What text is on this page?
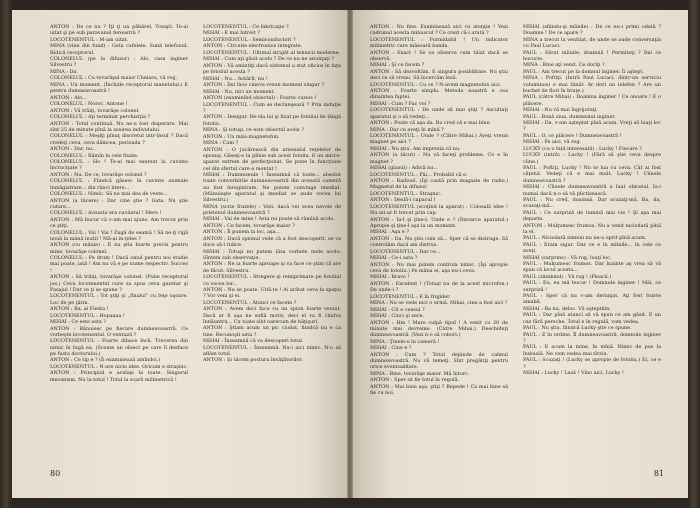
ANTON : De ce nu ? Îţi ţi un păhărel, Tonişti. Te-ai uitat şi pe sub paravanul fereastră ?

LOCOTENENTUL : M-am uitat.

MINA (vine din fund) : Gata cafelele. Sună telefonul. Ridică receptorul.

COLONELUL (pe la difuzor) : Alo, casa inginer Silvestru ?

MINA : Da.

COLONELUL : Cu tovarăşul maior Chelaru, vă rog.

MINA : Un moment. (Închide receptorul manetului.) E pentru dumneavoastră !

ANTON : Alo...

COLONELUL : Noroc, Antone !

ANTON : Vă trăiţi, tovarăşe colonel.

COLONELUL : Aţi terminat perchiziţia ?

ANTON : Totul continuă. Nu ne-a fost disperare. Mai sînt 25 de minute pînă la sosirea individului.

COLONELUL : Meşiţi pînuţ discretul intr-însul ? Dacă credeţi ceva, ceva dămcea, perioada ?

ANTON : Dar, nu...

COLONELUL : Rămîn la cele fixate.

COLONELUL : Ho ! Te-ai mai exersat la cuvinte încrucişate ?

ANTON : Nu. De ce, tovarăşe colonel ?

COLONELUL : Fiindcă găsesc în cuvinte animale înmăgistrate... din rânci litere...

COLONELUL : Nimic. Să ne mai dea de veste...

ANTON (a tăcere) : Dar cine ştie ? Gata. Nu ştie cutare...

COLONELUL : Aceasta era cuvântul ! Mers !

ANTON : Mă bucur că v-am mai ajuns. Am trecut prin ce ştiţi.

COLONELUL : Vai ! Vai ! Zugă de seamă ! Să ne-ţi rigă nouă la mână inutil ! Mă-ai in-ţeles ?

ANTON (cu mânie) : E nu ştiu foarte precis pentru mine, tovarăşe colonel.

COLONELUL : Pe drum ! Dacă omul pentru noi studio mai poate, iată ! Am nu vă e pe nume respectiv. Succes !

ANTON : Să trăiţi, tovarăşe colonel. (Pune receptorul jos.) Ceva locotenentul cure sa spus ceva gazetar şi Pasajul ! Dar ce ţi se spune ?

LOCOTENENTUL : Tot ştiţi şi „finalul” cu feţe uşoare. Loc de pe ţărm.

ANTON : Ba, ai Fiesta !

LOCOTENENTUL : Hopaaaa !

MIHAI : Ce este asta ?

ANTON : Bănuiesc pe fiecare dumneavoastră. Ce vorbeşte locotenentul. O ventuză ?

LOCOTENENTUL : Foarte dibace încă. Trecerea din nimic în fugă ea. (Scoate un obiect pe care îl desface pe fusta doctorului.)

ANTON : Ce tip e ? (Îi examinează amîndoi.)

LOCOTENENTUL : N-are nicio idee. Oricum e straşnic.

ANTON : Principiul e acelaşi la toate. Singurul mecanism. Nu la totul ! Totul la scară milimetrică !

LOCOTENENTUL : Ce fabricaţie ?

MIHAI : E mai întreit ?

LOCOTENENTUL : Semiconductori ?

ANTON : Circuite electronice integrate.

LOCOTENENTUL : Ultimul strigăt al tehnicii moderne.

MIHAI : Cum aţi găsit acolo ? De ce nu ne anunţaţi ?

ANTON : Vă amintiţi dacă sistemul a stat oficios în faţa pe fotoliul acesta ?

MIHAI : Nu... hotărît, nu !

ANTON : Îmi face cineva vreun moment singur ?

MIHAI : Nu, nici un moment.

ANTON (examinînd obiectul) : Foarte curios !

LOCOTENENTUL : Cum se declanşează ? Prin induţie ?

ANTON : Desigur. De-ola lui şi fixat pe fotoliul de lângă fotoliu.

MINA : Şi totuşi, ce este obiectul acela ?

ANTON : Un mini-magnetofon.

MINA : Cum ?

ANTON : O jucărească din arsenalul reţelelor de spionaj. Găseţi-o la pîlnie sub acest fotoliu. E un micro-aparat extrem de perfecţionat. Se pune în funcţiune cel din sfertul care e montat !

MIHAI : Dumnezeule ! Înseamnă că toate... absolut toate convorbirile dumneavoastră din această cameră au fost înregistrate. Ne putem convinge imediat. (Mânuieşte aparatul şi imediat se aude vocea lui Silvestru.)

MINA (scrie frazele) : Vezi, dacă vei avea nevoie de prietenul dumneavoastră ?

MIHAI : Vai de mine ! Asta nu poate să rămînă acolo.

ANTON : Ce facem, tovarăşe maior ?

ANTON : Îl punem la loc, aşa...

ANTON : Dacă spionul vede că a fost descoperit, se va duce să-l ridice.

MIHAI : Totuşi nu putem lăsa vorbele mele acolo. Sîntem sub observaţie.

ANTON : Ne ia foarte aproape şi va face ce ştim că are de făcut. Silvestru.

LOCOTENENTUL : Stregere şi reimprimare pe fotoliul cu vocea lor...

ANTON : Nu se poate. Uită-te ! Ai arătat ceva la spaţiu ? Vor veni şi ei.

LOCOTENENTUL : Atunci ce facem ?

ANTON : Avem deci face cu un spion foarte versat. Dacă ar fi aşa ne suflă motiv, deci el va fi cîndva înnăuntru... Cu toate sînt oarecum de hăţişuri.

ANTON : Ştiam acum un pic ciudat, fiindcă nu e ca tine. Recunoşti asta ?

MIHAI : Înseamnă că va descoperi totul.

LOCOTENENTUL : Înseamnă. Nu-i aici nimic. N-o să aflăm totul.

ANTON : Şi tăcem postura învăţătorilor.

80

ANTON : Nu fine. Examinează aici cu atenţie ! Vezi cadranul acesta minuscul ? Ce crezi că-i arată ?

LOCOTENENTUL : Formidabil ! Un indicator milimetric care măsoară banda.

ANTON : Exact ! Se va observa cum tăiat dacă se observă.

MIHAI : Şi ce facem ?

ANTON : Să dezvoltăm. E singura posibilitate. Nu ştiu deci ce să vreau. Să încercăm însă.

LOCOTENENTUL : Cu ce ? N-avem magnetofon aici.

ANTON : Foarte simplu. Metoda noastră e cea dinaintea faptei.

MIHAI : Cum ? Fac voi ?

LOCOTENENTUL : De unde să mai ştiţi ? Ascultaţi aparatul şi o să vedeţi...

ANTON : Poate că aşa da. Ba cred că e mai bine.

MINA : Dar ce aveţi în mînă ?

LOCOTENENTUL : Unde ? (Către Mihai.) Aveţi vreun magnet pe aici ?

MIHAI : Nu ştiu. Am impresia că nu.

ANTON (a tăcut) : Nu vă faceţi probleme. Ce e în magnet ?

MIHAI (glasul) : Adică nu...

LOCOTENENTUL : Păi... Probabil că e.

ANTON : Radioul. (Îşi caută prin magazie de radio.) Magnetul de la difuzor.

LOCOTENENTUL : Straşnic.

ANTON : Desfă-i capacul !

LOCOTENENTUL (scoţînd la aparat) : Colosală idee ! Nu mi-ar fi trecut prin cap.

ANTON : Ia-l şi ţine-l. Unde e ? (Întoarce aparatul.) Apropie şi ţine-l aşa la un moment.

MIHAI : Aşa e ?

ANTON : Da. Nu ştiu cum să... Sper că se distruge. Să controlăm dacă am distrus.

LOCOTENENTUL : Dar ce...

MIHAI : Ce-i asta ?

ANTON : Nu mai putem controla nimic. (Îşi apropie ceva de fotoliu.) Pe mâna ei, aşa nu-i ceva.

MIHAI : Bravo !

ANTON : Excelent ! (Totuşi nu de la acest microfon.) De unde-i ?

LOCOTENENTUL : E în frigider.

MINA : Nu se vede nici o urmă. Mihai, cine a fost aici ?

MIHAI : Cît e ceasul ?

MIHAI : Cinci şi zece.

ANTON : Hm ! Mare culpă tipul ! A venit cu 20 de minute mai devreme. (Către Mihai.) Deschideţi dumneavoastră. (Vezi n-o să cobori.)

MINA : Ţinem-o în cameră !

MIHAI : Cine e ?

ANTON : Cum ? Totul depinde de calmul dumneavoastră. Nu vă temeţi. Sînt pregătiţi pentru orice eventualitate.

MINA : Bine, tovarăşe maior. Mă întorc.

ANTON : Sper să fie totul în regulă.

ANTON : Mai bine aşa, ştiţi ? Repede ! Ca mai bine să fie cu noi.

MIHAI (sfiindu-şi mîinile) : De ce nu-i primi odată ? Doamne ! De ce apare ?

MINA a trecut la ventilat, de unde se aude conversaţia cu Paul Lucaci.

PAUL : Sărut mîinile, doamnă ! Permiteţi ? Îmi ce bucurie.

MINA : Bine aţi venit. Ce doriţi ?

PAUL : Am trecut pe la domnul inginer. Îi aştept.

MINA : Poftiţi. (Intră Paul Lucaci, dintr-un serviciu voluminos) e mai tânăr. Ar dori un telefon ? Are un buchet de flori în braţe.)

PAUL (către Mihai) : Doamna inginer ! Ce onoare ! E o plăcere.

MIHAI : Nu vă mai îngrijoraţi.

PAUL : Bună ziua, dumnealui inginer.

MIHAI : Da, v-am aşteptat pînă acum. Vreţi să luaţi loc ?

PAUL : O, ce plăcere ! Dumneavoastră !

MIHAI : Pe aici, vă rog.

LUCKY (cu o față interesată) : Lucky ! Fiecare ?

LUCKY (intră) : Lucky ! (Fără să ştie ceva despre cîine.)

PAUL : Poftiţi, Lucky ! Nu te lua cu ceva. Cât ai fost căţelul. Vedeţi că e mai mult. Lucky ! Cîinele dumneavoastră ?

MIHAI : Cîinele dumneavoastră a luat obiceiul. Ia-i numai dacă n-o să vă plictisească.

PAUL : Nu cred, doamnă. Dar scuzaţi-mă. Ba, da, scuzaţi-mă...

PAUL : Ce surpriză de lumină mai vie ! Şi aşa mai departe.

ANTON : Mulţumesc frumos. Nu a venit niciodată pînă la el.

PAUL : Niciodată nimeni nu ne-a oprit pînă acum.

PAUL : Eram sigur. Dar ce e în mîinile... în cele ce aveţi.

MIHAI (surprins) : Vă rog, luaţi loc.

PAUL : Mulţumesc frumos. Dar înainte aş vrea să vă spun că locul acesta...

PAUL (zâmbind) : Vă rog ! (Pleacă.)

PAUL : Eu, eu mă bucur ! Domnule inginer ! Măi, ce surpriză !

PAUL : Sper că nu v-am deranjat. Aţi fost foarte amabil.

MIHAI : Ba nu, deloc. Vă aşteptăm.

PAUL : Dar pînă atunci să vă spun ce am găsit. E un caz fără pereche. Totul e în regulă, vom vedea.

PAUL : Nu ştiu, fiindcă Lucky ştie ce spune.

PAUL : E în ordine. Îl dumneavoastră, domnule inginer ?

PAUL : E acum la mine, în mînă. Nimic de pus la îndoială. Ne vom vedea mai tîrziu.

PAUL : Scuzaţi ! (Lucky se apropie de fotoliu.) Ei, ce e ?

MIHAI : Lucky ! Lasă ! Vino aici, Lucky !

81
